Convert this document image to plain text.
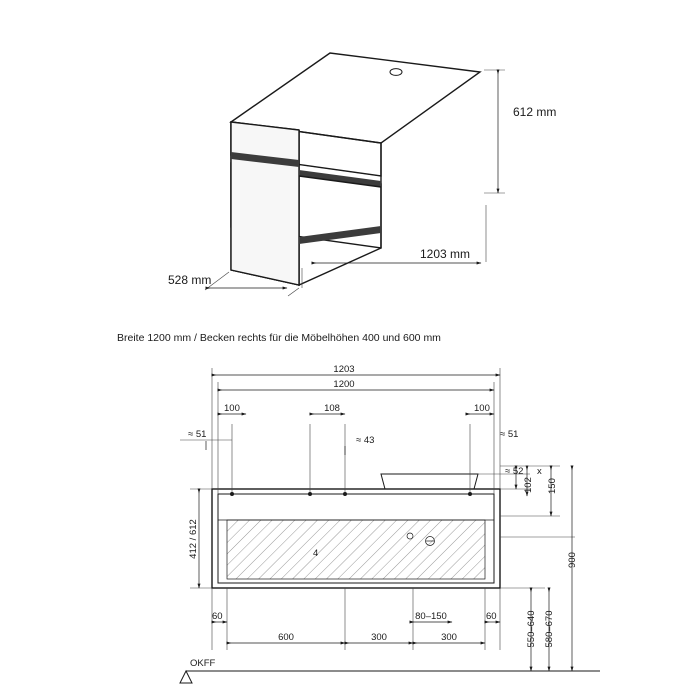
612 mm
1203 mm
528 mm
4
1203
1200
100	108	100
≈ 51
≈ 43
≈ 51
≈ 52
102 150
x
412 / 612
60
600	300	300
60
80–150	550–640 580–670
900
OKFF
Breite 1200 mm / Becken rechts für die Möbelhöhen 400 und 600 mm
